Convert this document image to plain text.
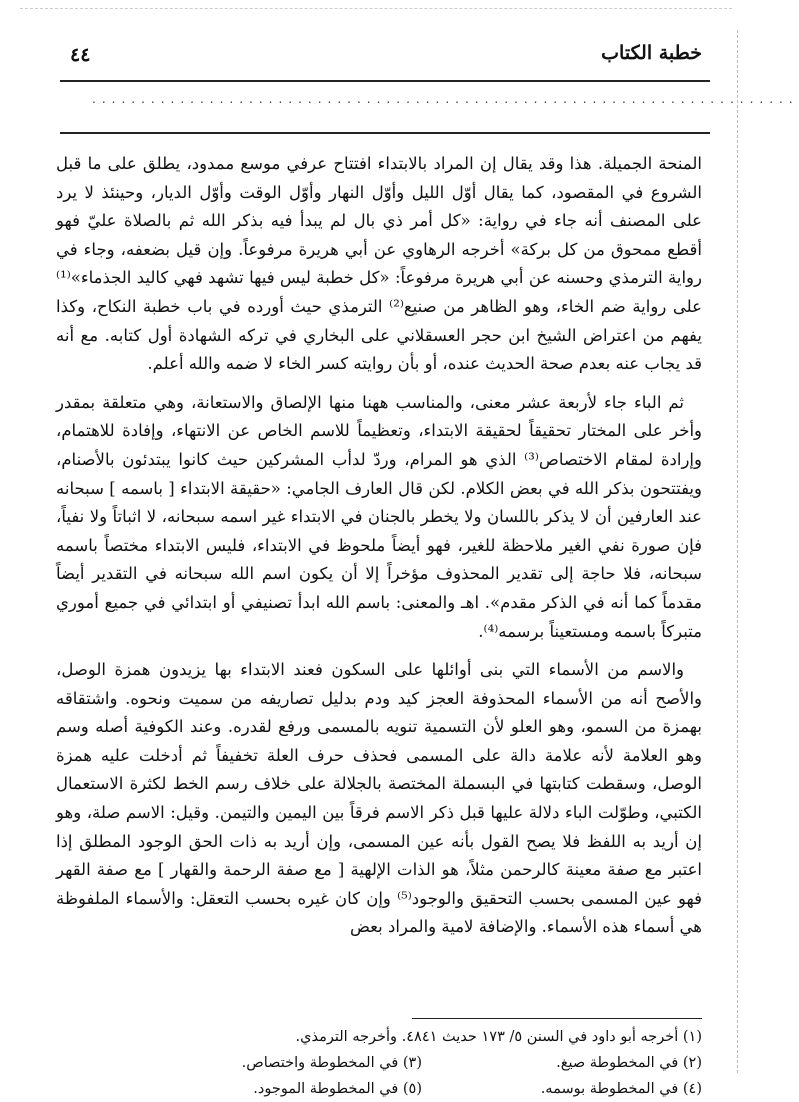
خطبة الكتاب
٤٤
........................................................................

المنحة الجميلة. هذا وقد يقال إن المراد بالابتداء افتتاح عرفي موسع ممدود، يطلق على ما قبل الشروع في المقصود، كما يقال أوّل الليل وأوّل النهار وأوّل الوقت وأوّل الديار، وحينئذ لا يرد على المصنف أنه جاء في رواية: «كل أمر ذي بال لم يبدأ فيه بذكر الله ثم بالصلاة عليّ فهو أقطع ممحوق من كل بركة» أخرجه الرهاوي عن أبي هريرة مرفوعاً. وإن قيل بضعفه، وجاء في رواية الترمذي وحسنه عن أبي هريرة مرفوعاً: «كل خطبة ليس فيها تشهد فهي كاليد الجذماء»⁽¹⁾ على رواية ضم الخاء، وهو الظاهر من صنيع⁽²⁾ الترمذي حيث أورده في باب خطبة النكاح، وكذا يفهم من اعتراض الشيخ ابن حجر العسقلاني على البخاري في تركه الشهادة أول كتابه. مع أنه قد يجاب عنه بعدم صحة الحديث عنده، أو بأن روايته كسر الخاء لا ضمه والله أعلم.

ثم الباء جاء لأربعة عشر معنى، والمناسب ههنا منها الإلصاق والاستعانة، وهي متعلقة بمقدر وأخر على المختار تحقيقاً لحقيقة الابتداء، وتعظيماً للاسم الخاص عن الانتهاء، وإفادة للاهتمام، وإرادة لمقام الاختصاص⁽³⁾ الذي هو المرام، وردّ لدأب المشركين حيث كانوا يبتدئون بالأصنام، ويفتتحون بذكر الله في بعض الكلام. لكن قال العارف الجامي: «حقيقة الابتداء [ باسمه ] سبحانه عند العارفين أن لا يذكر باللسان ولا يخطر بالجنان في الابتداء غير اسمه سبحانه، لا اثباتاً ولا نفياً، فإن صورة نفي الغير ملاحظة للغير، فهو أيضاً ملحوظ في الابتداء، فليس الابتداء مختصاً باسمه سبحانه، فلا حاجة إلى تقدير المحذوف مؤخراً إلا أن يكون اسم الله سبحانه في التقدير أيضاً مقدماً كما أنه في الذكر مقدم». اهـ والمعنى: باسم الله ابدأ تصنيفي أو ابتدائي في جميع أموري متبركاً باسمه ومستعيناً برسمه⁽⁴⁾.

والاسم من الأسماء التي بنى أوائلها على السكون فعند الابتداء بها يزيدون همزة الوصل، والأصح أنه من الأسماء المحذوفة العجز كيد ودم بدليل تصاريفه من سميت ونحوه. واشتقاقه بهمزة من السمو، وهو العلو لأن التسمية تنويه بالمسمى ورفع لقدره. وعند الكوفية أصله وسم وهو العلامة لأنه علامة دالة على المسمى فحذف حرف العلة تخفيفاً ثم أدخلت عليه همزة الوصل، وسقطت كتابتها في البسملة المختصة بالجلالة على خلاف رسم الخط لكثرة الاستعمال الكتبي، وطوّلت الباء دلالة عليها قبل ذكر الاسم فرقاً بين اليمين والتيمن. وقيل: الاسم صلة، وهو إن أريد به اللفظ فلا يصح القول بأنه عين المسمى، وإن أريد به ذات الحق الوجود المطلق إذا اعتبر مع صفة معينة كالرحمن مثلاً، هو الذات الإلهية [ مع صفة الرحمة والقهار ] مع صفة القهر فهو عين المسمى بحسب التحقيق والوجود⁽⁵⁾ وإن كان غيره بحسب التعقل: والأسماء الملفوظة هي أسماء هذه الأسماء. والإضافة لامية والمراد بعض

(١) أخرجه أبو داود في السنن ٥/ ١٧٣ حديث ٤٨٤١. وأخرجه الترمذي.
(٢) في المخطوطة صيغ.
(٣) في المخطوطة واختصاص.
(٤) في المخطوطة بوسمه.
(٥) في المخطوطة الموجود.
